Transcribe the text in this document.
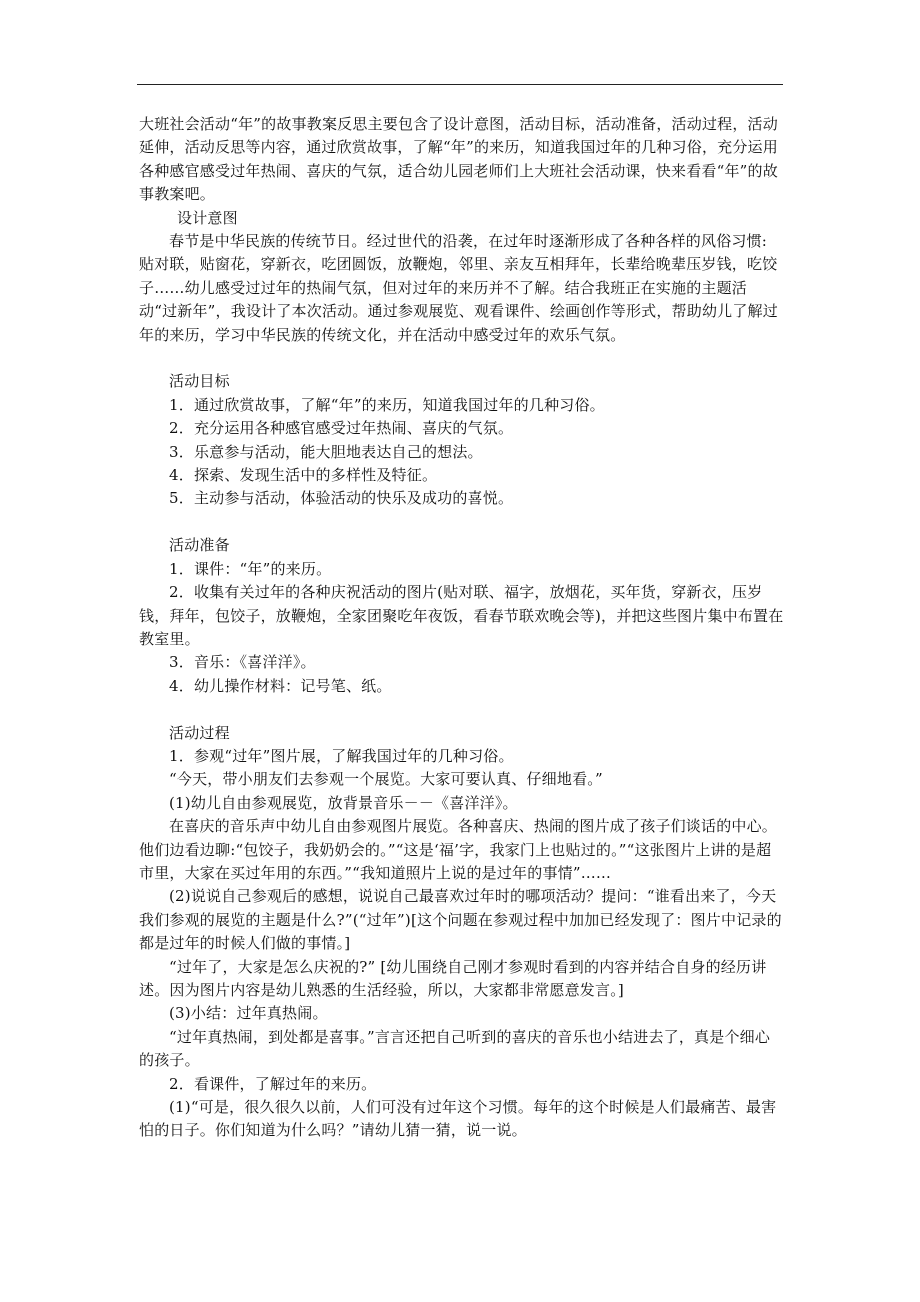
大班社会活动“年”的故事教案反思主要包含了设计意图，活动目标，活动准备，活动过程，活动延伸，活动反思等内容，通过欣赏故事，了解“年”的来历，知道我国过年的几种习俗，充分运用各种感官感受过年热闹、喜庆的气氛，适合幼儿园老师们上大班社会活动课，快来看看“年”的故事教案吧。

设计意图

春节是中华民族的传统节日。经过世代的沿袭，在过年时逐渐形成了各种各样的风俗习惯: 贴对联，贴窗花，穿新衣，吃团圆饭，放鞭炮，邻里、亲友互相拜年，长辈给晚辈压岁钱，吃饺子……幼儿感受过过年的热闹气氛，但对过年的来历并不了解。结合我班正在实施的主题活动“过新年”，我设计了本次活动。通过参观展览、观看课件、绘画创作等形式，帮助幼儿了解过年的来历，学习中华民族的传统文化，并在活动中感受过年的欢乐气氛。

活动目标

1．通过欣赏故事，了解“年”的来历，知道我国过年的几种习俗。

2．充分运用各种感官感受过年热闹、喜庆的气氛。

3．乐意参与活动，能大胆地表达自己的想法。

4．探索、发现生活中的多样性及特征。

5．主动参与活动，体验活动的快乐及成功的喜悦。

活动准备

1．课件：“年”的来历。

2．收集有关过年的各种庆祝活动的图片(贴对联、福字，放烟花，买年货，穿新衣，压岁钱，拜年，包饺子，放鞭炮，全家团聚吃年夜饭，看春节联欢晚会等)，并把这些图片集中布置在教室里。

3．音乐：《喜洋洋》。

4．幼儿操作材料：记号笔、纸。

活动过程

1．参观“过年”图片展，了解我国过年的几种习俗。

“今天，带小朋友们去参观一个展览。大家可要认真、仔细地看。”

(1)幼儿自由参观展览，放背景音乐－－《喜洋洋》。

在喜庆的音乐声中幼儿自由参观图片展览。各种喜庆、热闹的图片成了孩子们谈话的中心。他们边看边聊:“包饺子，我奶奶会的。”“这是‘福’字，我家门上也贴过的。”“这张图片上讲的是超市里，大家在买过年用的东西。”“我知道照片上说的是过年的事情”……

(2)说说自己参观后的感想，说说自己最喜欢过年时的哪项活动？提问：“谁看出来了，今天我们参观的展览的主题是什么?”(“过年”)[这个问题在参观过程中加加已经发现了：图片中记录的都是过年的时候人们做的事情。]

“过年了，大家是怎么庆祝的?” [幼儿围绕自己刚才参观时看到的内容并结合自身的经历讲述。因为图片内容是幼儿熟悉的生活经验，所以，大家都非常愿意发言。]

(3)小结：过年真热闹。

“过年真热闹，到处都是喜事。”言言还把自己听到的喜庆的音乐也小结进去了，真是个细心的孩子。

2．看课件，了解过年的来历。

(1)“可是，很久很久以前，人们可没有过年这个习惯。每年的这个时候是人们最痛苦、最害怕的日子。你们知道为什么吗？”请幼儿猜一猜，说一说。
